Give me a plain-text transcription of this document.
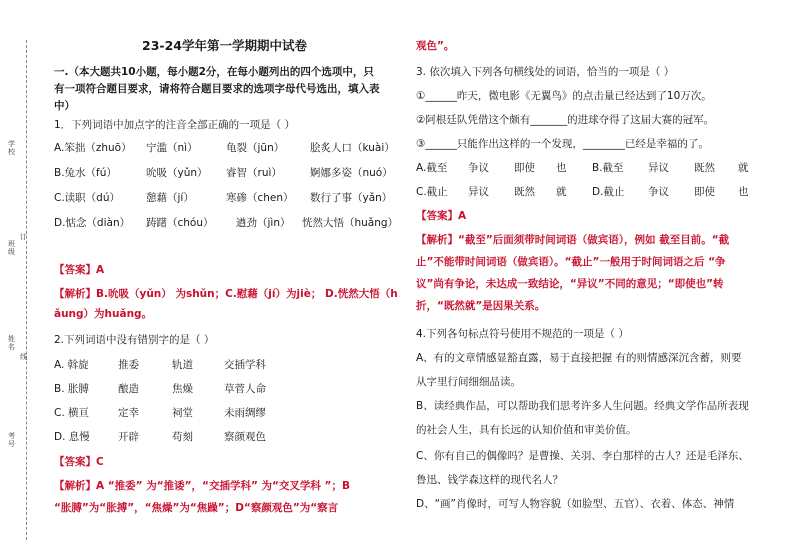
学校
班级
订
姓名
线
考号
23-24学年第一学期期中试卷
一.（本大题共10小题，每小题2分，在每小题列出的四个选项中，只
有一项符合题目要求，请将符合题目要求的选项字母代号选出，填入表
中）
1．下列词语中加点字的注音全部正确的一项是（ ）
A.笨拙（zhuō） 宁滥（nì）	龟裂（jūn） 脍炙人口（kuài）
B.兔水（fú）	吮吸（yǔn） 睿智（ruì）	婀娜多姿（nuó）
C.读职（dú） 憩藉（jí）	寒碜（chen） 数行了事（yǎn）
D.惦念（diàn） 踌躇（chóu） 遒劲（jìn） 恍然大悟（huǎng）
【答案】A
【解析】B.吮吸（yǔn） 为shǔn；C.慰藉（jí）为jiè； D.恍然大悟（h
ǎung）为huǎng。
2.下列词语中没有错别字的是（ ）
A. 斡旋	推委	轨道	交插学科
B. 胀膊	酿造	焦燥	草菅人命
C. 横亘	定幸	祠堂	未雨绸缪
D. 息慢	开辟	苟刻	察颜观色
【答案】C
【解析】A “推委” 为“推诿”，“交插学科” 为“交叉学科 ”；B
“胀膊”为“胀搏”，“焦燥”为“焦躁”；D“察颜观色”为“察言
观色”。
3. 依次填入下列各句横线处的词语，恰当的一项是（ ）
①______昨天，微电影《无翼鸟》的点击量已经达到了10万次。
②阿根廷队凭借这个颇有_______的进球夺得了这届大赛的冠军。
③______只能作出这样的一个发现，________已经是幸福的了。
A.截至 争议 即使 也 B.截至 异议 既然 就
C.截止 异议 既然 就 D.截止 争议 即使 也
【答案】A
【解析】“截至”后面须带时间词语（做宾语），例如 截至目前。“截
止”不能带时间词语（做宾语）。“截止”一般用于时间词语之后 “争
议”尚有争论，未达成一致结论，“异议”不同的意见；“即使也”转
折，“既然就”是因果关系。
4.下列各句标点符号使用不规范的一项是（ ）
A、有的文章情感显豁直露，易于直接把握 有的则情感深沉含蓄，则要
从字里行间细细品读。
B、读经典作品，可以帮助我们思考许多人生问题。经典文学作品所表现
的社会人生，具有长远的认知价值和审美价值。
C、你有自己的偶像吗？是曹操、关羽、李白那样的古人？还是毛泽东、
鲁迅、钱学森这样的现代名人？
D、“画”肖像时，可写人物容貌（如脸型、五官）、衣着、体态、神情
